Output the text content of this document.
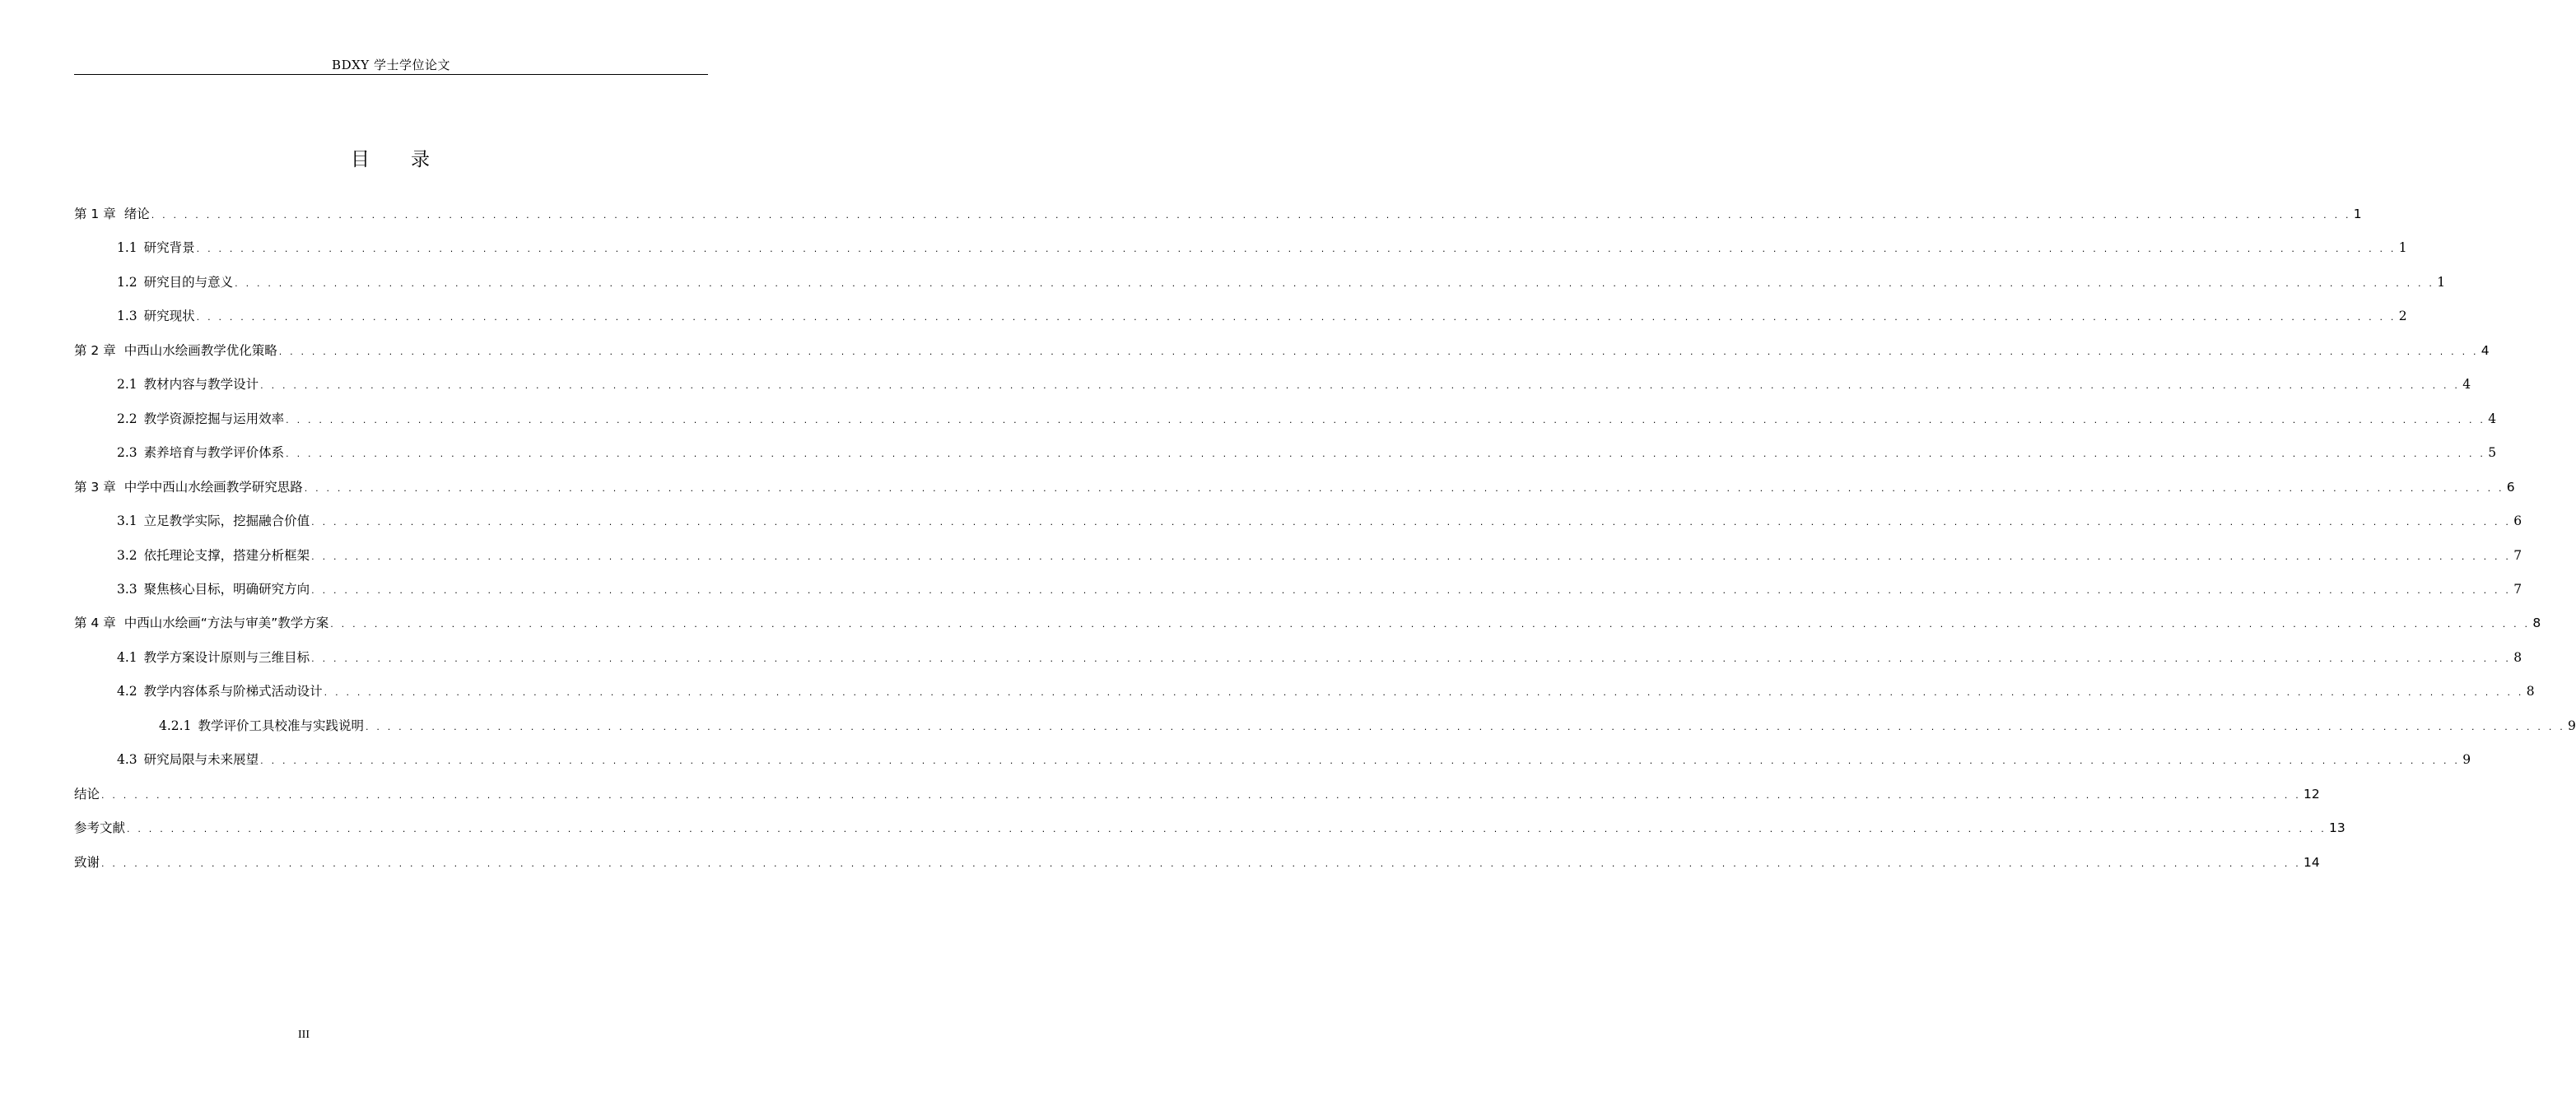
BDXY 学士学位论文
目 录
第 1 章 绪论 . . . . . . . . . . . . . . . . . . . . . . . . . . . . . . . . . . . . . . . . . . . . . . . . . . . . . . . . . . . . . . . . . . . . . . . . . . . . . . . . . . . . . . . . . . . . . . . . . . . . . . . . . . . . . . . . . . . . . . . . . . . . . . . . . . . . . . . . . . . . . . . . . . . . . . . . . . . . . . . . . . . . . . . . . . . . . . . . . . . . . . . . . . . . . . . . . . . . . . . . 1
1.1 研究背景 . . . . . . . . . . . . . . . . . . . . . . . . . . . . . . . . . . . . . . . . . . . . . . . . . . . . . . . . . . . . . . . . . . . . . . . . . . . . . . . . . . . . . . . . . . . . . . . . . . . . . . . . . . . . . . . . . . . . . . . . . . . . . . . . . . . . . . . . . . . . . . . . . . . . . . . . . . . . . . . . . . . . . . . . . . . . . . . . . . . . . . . . . . . . . . . . . . . . . . . . 1
1.2 研究目的与意义 . . . . . . . . . . . . . . . . . . . . . . . . . . . . . . . . . . . . . . . . . . . . . . . . . . . . . . . . . . . . . . . . . . . . . . . . . . . . . . . . . . . . . . . . . . . . . . . . . . . . . . . . . . . . . . . . . . . . . . . . . . . . . . . . . . . . . . . . . . . . . . . . . . . . . . . . . . . . . . . . . . . . . . . . . . . . . . . . . . . . . . . . . . . . . . . . . . . . . . . . 1
1.3 研究现状 . . . . . . . . . . . . . . . . . . . . . . . . . . . . . . . . . . . . . . . . . . . . . . . . . . . . . . . . . . . . . . . . . . . . . . . . . . . . . . . . . . . . . . . . . . . . . . . . . . . . . . . . . . . . . . . . . . . . . . . . . . . . . . . . . . . . . . . . . . . . . . . . . . . . . . . . . . . . . . . . . . . . . . . . . . . . . . . . . . . . . . . . . . . . . . . . . . . . . . . . 2
第 2 章 中西山水绘画教学优化策略 . . . . . . . . . . . . . . . . . . . . . . . . . . . . . . . . . . . . . . . . . . . . . . . . . . . . . . . . . . . . . . . . . . . . . . . . . . . . . . . . . . . . . . . . . . . . . . . . . . . . . . . . . . . . . . . . . . . . . . . . . . . . . . . . . . . . . . . . . . . . . . . . . . . . . . . . . . . . . . . . . . . . . . . . . . . . . . . . . . . . . . . . . . . . . . . . . . . . . . . . 4
2.1 教材内容与教学设计 . . . . . . . . . . . . . . . . . . . . . . . . . . . . . . . . . . . . . . . . . . . . . . . . . . . . . . . . . . . . . . . . . . . . . . . . . . . . . . . . . . . . . . . . . . . . . . . . . . . . . . . . . . . . . . . . . . . . . . . . . . . . . . . . . . . . . . . . . . . . . . . . . . . . . . . . . . . . . . . . . . . . . . . . . . . . . . . . . . . . . . . . . . . . . . . . . . . . . . . . 4
2.2 教学资源挖掘与运用效率 . . . . . . . . . . . . . . . . . . . . . . . . . . . . . . . . . . . . . . . . . . . . . . . . . . . . . . . . . . . . . . . . . . . . . . . . . . . . . . . . . . . . . . . . . . . . . . . . . . . . . . . . . . . . . . . . . . . . . . . . . . . . . . . . . . . . . . . . . . . . . . . . . . . . . . . . . . . . . . . . . . . . . . . . . . . . . . . . . . . . . . . . . . . . . . . . . . . . . . . . 4
2.3 素养培育与教学评价体系 . . . . . . . . . . . . . . . . . . . . . . . . . . . . . . . . . . . . . . . . . . . . . . . . . . . . . . . . . . . . . . . . . . . . . . . . . . . . . . . . . . . . . . . . . . . . . . . . . . . . . . . . . . . . . . . . . . . . . . . . . . . . . . . . . . . . . . . . . . . . . . . . . . . . . . . . . . . . . . . . . . . . . . . . . . . . . . . . . . . . . . . . . . . . . . . . . . . . . . . . 5
第 3 章 中学中西山水绘画教学研究思路 . . . . . . . . . . . . . . . . . . . . . . . . . . . . . . . . . . . . . . . . . . . . . . . . . . . . . . . . . . . . . . . . . . . . . . . . . . . . . . . . . . . . . . . . . . . . . . . . . . . . . . . . . . . . . . . . . . . . . . . . . . . . . . . . . . . . . . . . . . . . . . . . . . . . . . . . . . . . . . . . . . . . . . . . . . . . . . . . . . . . . . . . . . . . . . . . . . . . . . . . 6
3.1 立足教学实际，挖掘融合价值 . . . . . . . . . . . . . . . . . . . . . . . . . . . . . . . . . . . . . . . . . . . . . . . . . . . . . . . . . . . . . . . . . . . . . . . . . . . . . . . . . . . . . . . . . . . . . . . . . . . . . . . . . . . . . . . . . . . . . . . . . . . . . . . . . . . . . . . . . . . . . . . . . . . . . . . . . . . . . . . . . . . . . . . . . . . . . . . . . . . . . . . . . . . . . . . . . . . . . . . . 6
3.2 依托理论支撑，搭建分析框架 . . . . . . . . . . . . . . . . . . . . . . . . . . . . . . . . . . . . . . . . . . . . . . . . . . . . . . . . . . . . . . . . . . . . . . . . . . . . . . . . . . . . . . . . . . . . . . . . . . . . . . . . . . . . . . . . . . . . . . . . . . . . . . . . . . . . . . . . . . . . . . . . . . . . . . . . . . . . . . . . . . . . . . . . . . . . . . . . . . . . . . . . . . . . . . . . . . . . . . . . 7
3.3 聚焦核心目标，明确研究方向 . . . . . . . . . . . . . . . . . . . . . . . . . . . . . . . . . . . . . . . . . . . . . . . . . . . . . . . . . . . . . . . . . . . . . . . . . . . . . . . . . . . . . . . . . . . . . . . . . . . . . . . . . . . . . . . . . . . . . . . . . . . . . . . . . . . . . . . . . . . . . . . . . . . . . . . . . . . . . . . . . . . . . . . . . . . . . . . . . . . . . . . . . . . . . . . . . . . . . . . . 7
第 4 章 中西山水绘画“方法与审美”教学方案 . . . . . . . . . . . . . . . . . . . . . . . . . . . . . . . . . . . . . . . . . . . . . . . . . . . . . . . . . . . . . . . . . . . . . . . . . . . . . . . . . . . . . . . . . . . . . . . . . . . . . . . . . . . . . . . . . . . . . . . . . . . . . . . . . . . . . . . . . . . . . . . . . . . . . . . . . . . . . . . . . . . . . . . . . . . . . . . . . . . . . . . . . . . . . . . . . . . . . . . . 8
4.1 教学方案设计原则与三维目标 . . . . . . . . . . . . . . . . . . . . . . . . . . . . . . . . . . . . . . . . . . . . . . . . . . . . . . . . . . . . . . . . . . . . . . . . . . . . . . . . . . . . . . . . . . . . . . . . . . . . . . . . . . . . . . . . . . . . . . . . . . . . . . . . . . . . . . . . . . . . . . . . . . . . . . . . . . . . . . . . . . . . . . . . . . . . . . . . . . . . . . . . . . . . . . . . . . . . . . . . 8
4.2 教学内容体系与阶梯式活动设计 . . . . . . . . . . . . . . . . . . . . . . . . . . . . . . . . . . . . . . . . . . . . . . . . . . . . . . . . . . . . . . . . . . . . . . . . . . . . . . . . . . . . . . . . . . . . . . . . . . . . . . . . . . . . . . . . . . . . . . . . . . . . . . . . . . . . . . . . . . . . . . . . . . . . . . . . . . . . . . . . . . . . . . . . . . . . . . . . . . . . . . . . . . . . . . . . . . . . . . . . 8
4.2.1 教学评价工具校准与实践说明 . . . . . . . . . . . . . . . . . . . . . . . . . . . . . . . . . . . . . . . . . . . . . . . . . . . . . . . . . . . . . . . . . . . . . . . . . . . . . . . . . . . . . . . . . . . . . . . . . . . . . . . . . . . . . . . . . . . . . . . . . . . . . . . . . . . . . . . . . . . . . . . . . . . . . . . . . . . . . . . . . . . . . . . . . . . . . . . . . . . . . . . . . . . . . . . . . . . . . . . . 9
4.3 研究局限与未来展望 . . . . . . . . . . . . . . . . . . . . . . . . . . . . . . . . . . . . . . . . . . . . . . . . . . . . . . . . . . . . . . . . . . . . . . . . . . . . . . . . . . . . . . . . . . . . . . . . . . . . . . . . . . . . . . . . . . . . . . . . . . . . . . . . . . . . . . . . . . . . . . . . . . . . . . . . . . . . . . . . . . . . . . . . . . . . . . . . . . . . . . . . . . . . . . . . . . . . . . . . 9
结论 . . . . . . . . . . . . . . . . . . . . . . . . . . . . . . . . . . . . . . . . . . . . . . . . . . . . . . . . . . . . . . . . . . . . . . . . . . . . . . . . . . . . . . . . . . . . . . . . . . . . . . . . . . . . . . . . . . . . . . . . . . . . . . . . . . . . . . . . . . . . . . . . . . . . . . . . . . . . . . . . . . . . . . . . . . . . . . . . . . . . . . . . . . . . . . . . . . . . . . . . 12
参考文献 . . . . . . . . . . . . . . . . . . . . . . . . . . . . . . . . . . . . . . . . . . . . . . . . . . . . . . . . . . . . . . . . . . . . . . . . . . . . . . . . . . . . . . . . . . . . . . . . . . . . . . . . . . . . . . . . . . . . . . . . . . . . . . . . . . . . . . . . . . . . . . . . . . . . . . . . . . . . . . . . . . . . . . . . . . . . . . . . . . . . . . . . . . . . . . . . . . . . . . . . 13
致谢 . . . . . . . . . . . . . . . . . . . . . . . . . . . . . . . . . . . . . . . . . . . . . . . . . . . . . . . . . . . . . . . . . . . . . . . . . . . . . . . . . . . . . . . . . . . . . . . . . . . . . . . . . . . . . . . . . . . . . . . . . . . . . . . . . . . . . . . . . . . . . . . . . . . . . . . . . . . . . . . . . . . . . . . . . . . . . . . . . . . . . . . . . . . . . . . . . . . . . . . . 14
III
